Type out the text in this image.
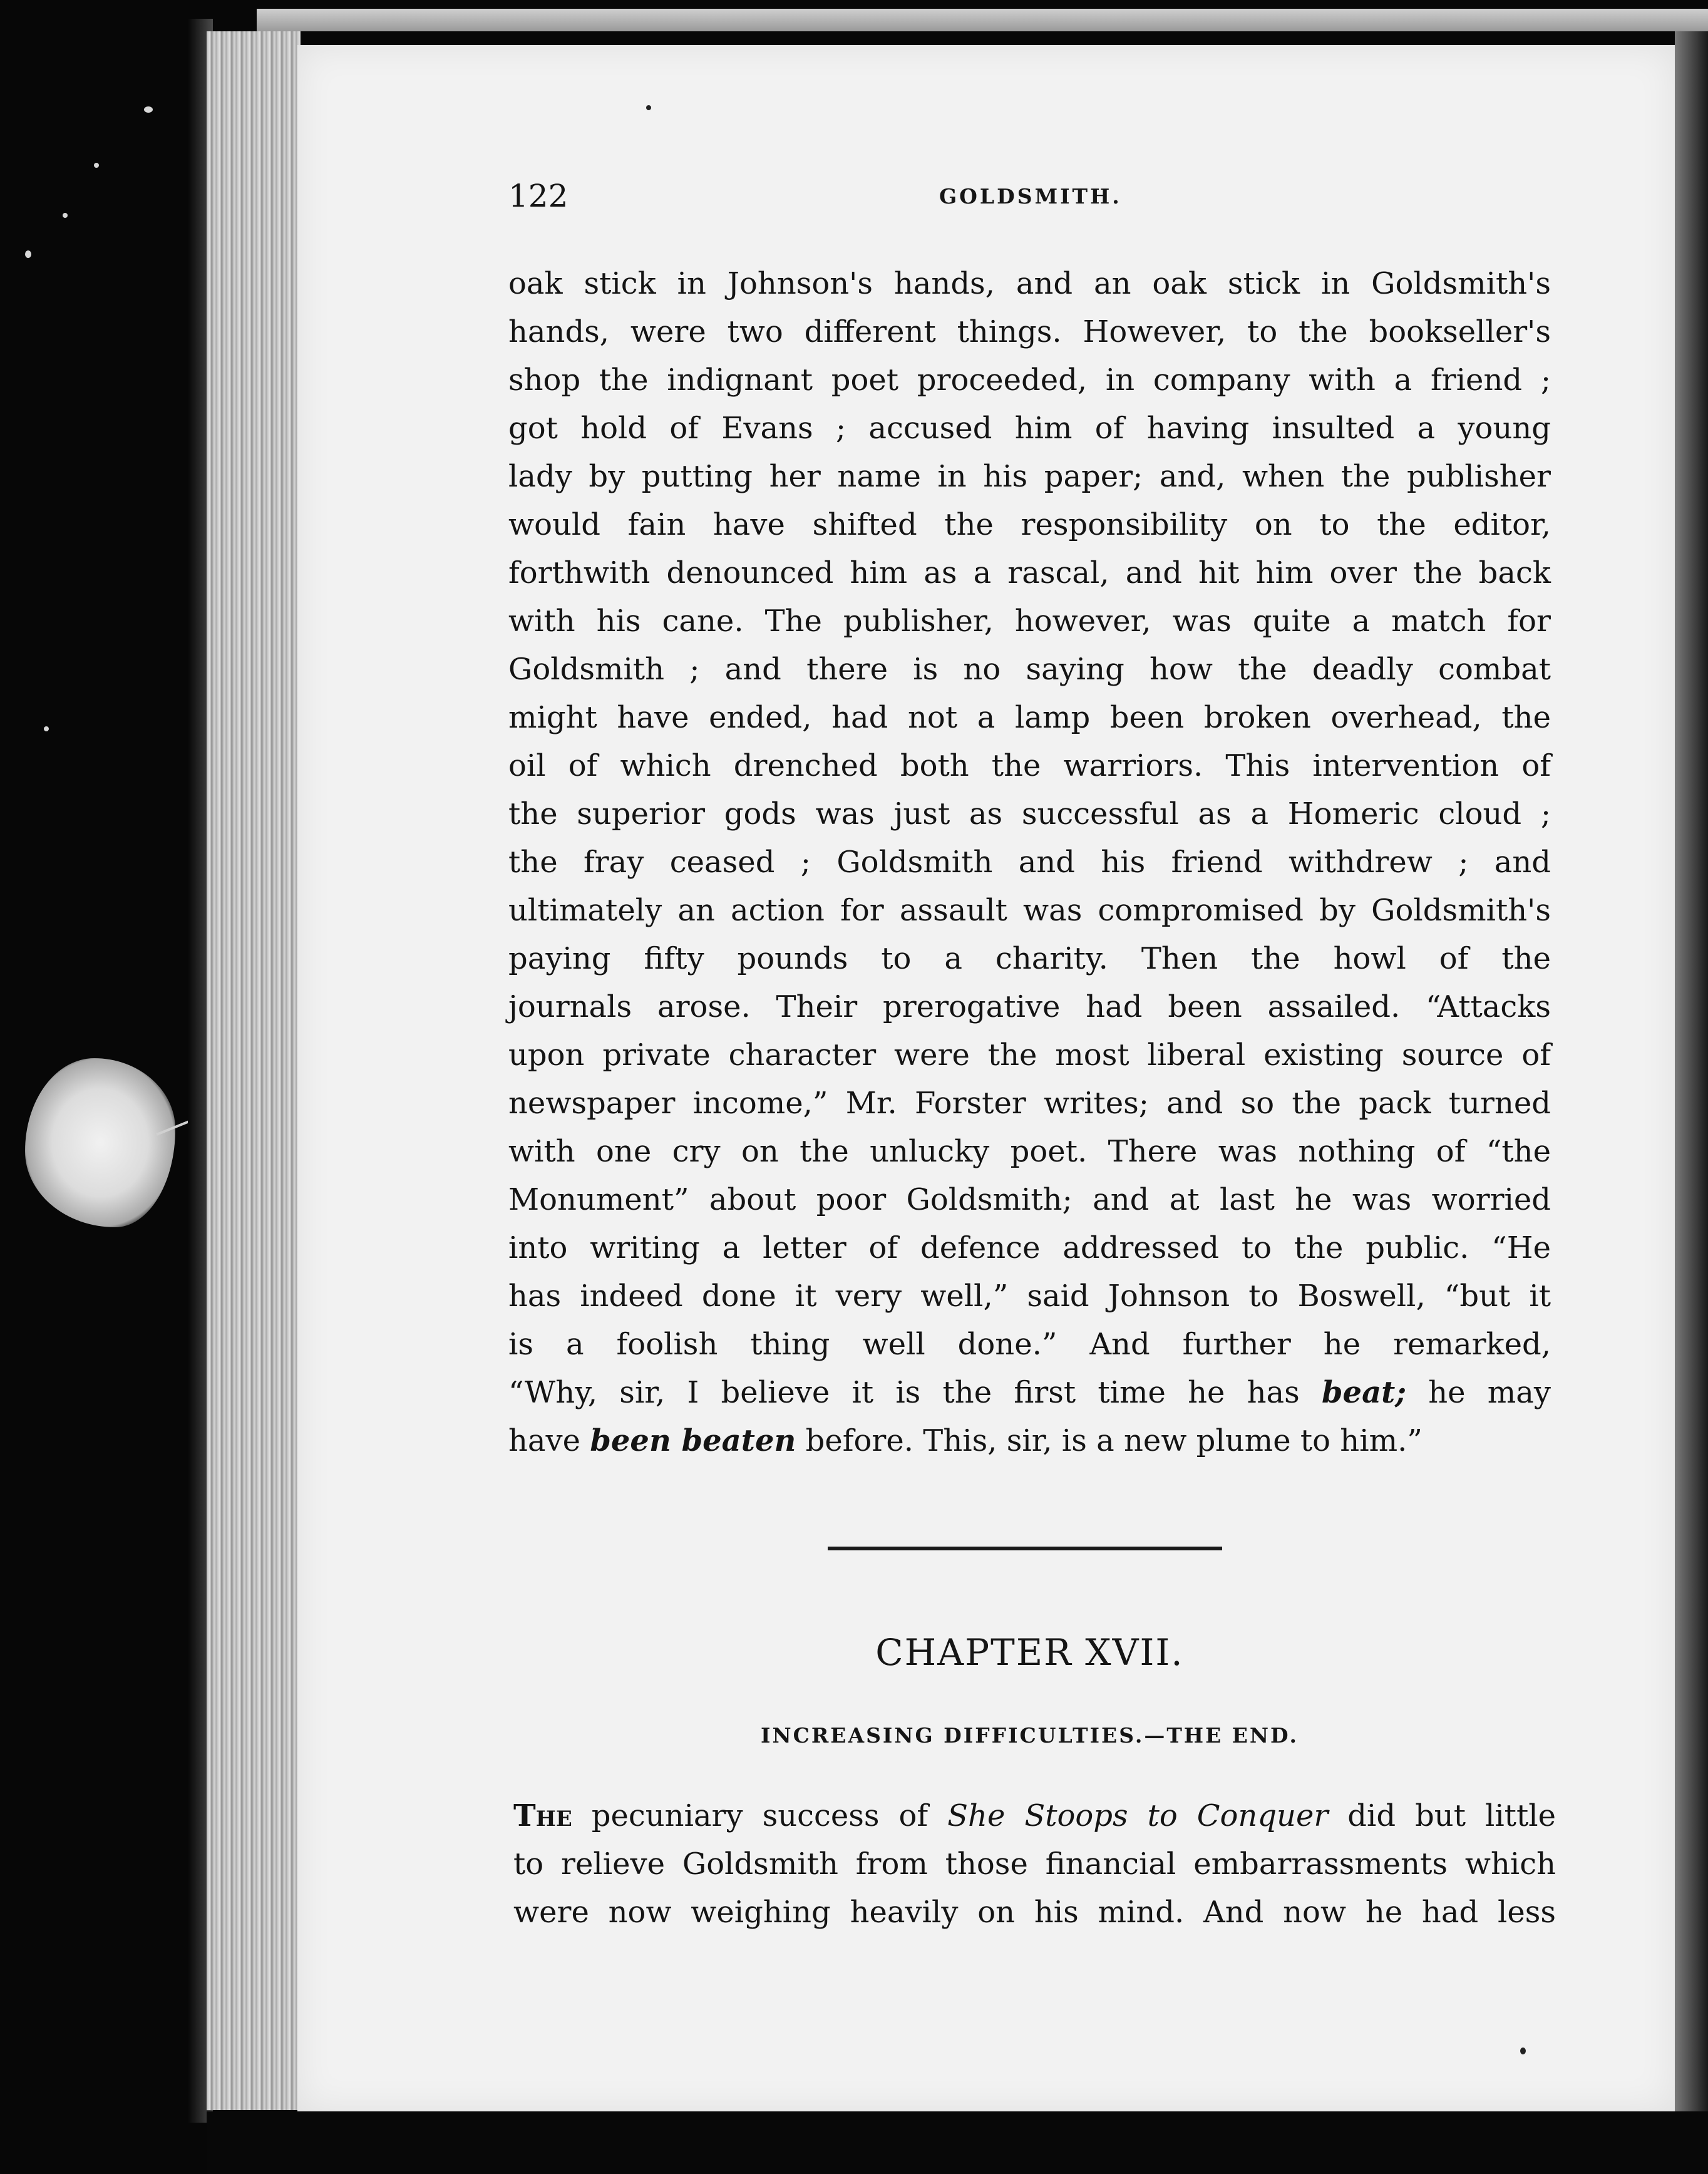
122	GOLDSMITH.
oak stick in Johnson's hands, and an oak stick in Goldsmith's
hands, were two different things. However, to the bookseller's
shop the indignant poet proceeded, in company with a friend ;
got hold of Evans ; accused him of having insulted a young
lady by putting her name in his paper; and, when the publisher
would fain have shifted the responsibility on to the editor,
forthwith denounced him as a rascal, and hit him over the back
with his cane. The publisher, however, was quite a match for
Goldsmith ; and there is no saying how the deadly combat
might have ended, had not a lamp been broken overhead, the
oil of which drenched both the warriors. This intervention of
the superior gods was just as successful as a Homeric cloud ;
the fray ceased ; Goldsmith and his friend withdrew ; and
ultimately an action for assault was compromised by Goldsmith's
paying fifty pounds to a charity. Then the howl of the
journals arose. Their prerogative had been assailed. “Attacks
upon private character were the most liberal existing source of
newspaper income,” Mr. Forster writes; and so the pack turned
with one cry on the unlucky poet. There was nothing of “the
Monument” about poor Goldsmith; and at last he was worried
into writing a letter of defence addressed to the public. “He
has indeed done it very well,” said Johnson to Boswell, “but it
is a foolish thing well done.” And further he remarked,
“Why, sir, I believe it is the first time he has beat; he may
have been beaten before. This, sir, is a new plume to him.”
CHAPTER XVII.
INCREASING DIFFICULTIES.—THE END.
The pecuniary success of She Stoops to Conquer did but little
to relieve Goldsmith from those financial embarrassments which
were now weighing heavily on his mind. And now he had less
